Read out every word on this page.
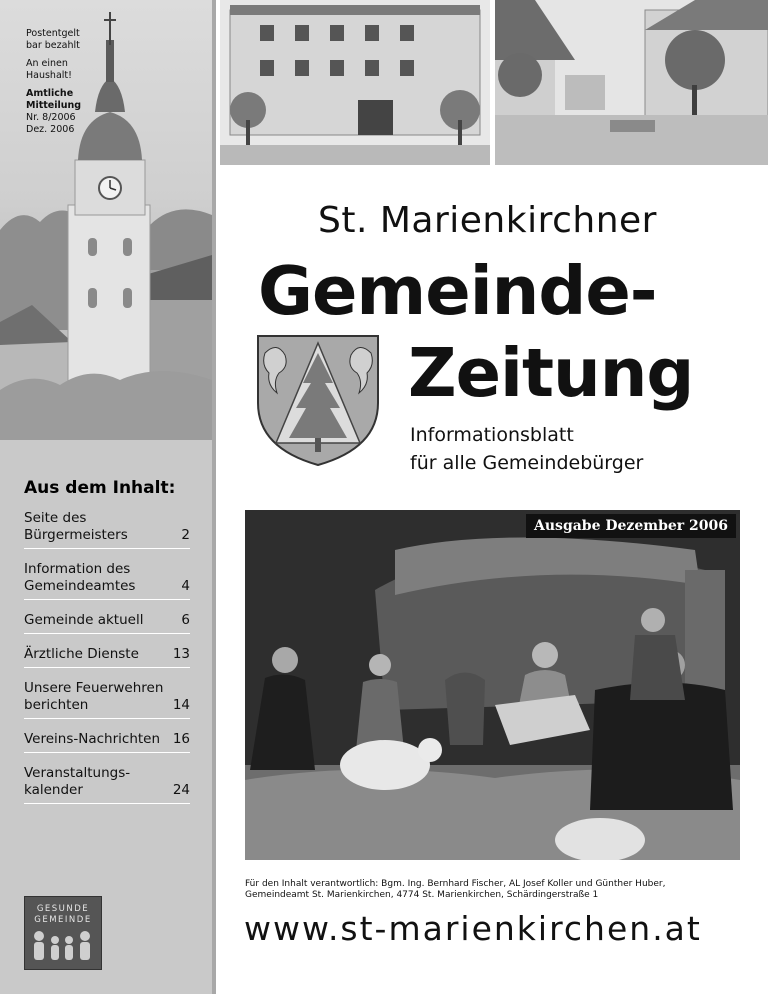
Postentgelt
bar bezahlt
An einen
Haushalt!
Amtliche
Mitteilung
Nr. 8/2006
Dez. 2006
Aus dem Inhalt:
Seite des Bürgermeisters	2
Information des Gemeindeamtes	4
Gemeinde aktuell	6
Ärztliche Dienste	13
Unsere Feuerwehren berichten	14
Vereins-Nachrichten 16
Veranstaltungs-kalender	24
GESUNDE
GEMEINDE
St. Marienkirchner
Gemeinde-
Zeitung
Informationsblatt
für alle Gemeindebürger
Ausgabe Dezember 2006
Für den Inhalt verantwortlich: Bgm. Ing. Bernhard Fischer, AL Josef Koller und Günther Huber,
Gemeindeamt St. Marienkirchen, 4774 St. Marienkirchen, Schärdingerstraße 1
www.st-marienkirchen.at
